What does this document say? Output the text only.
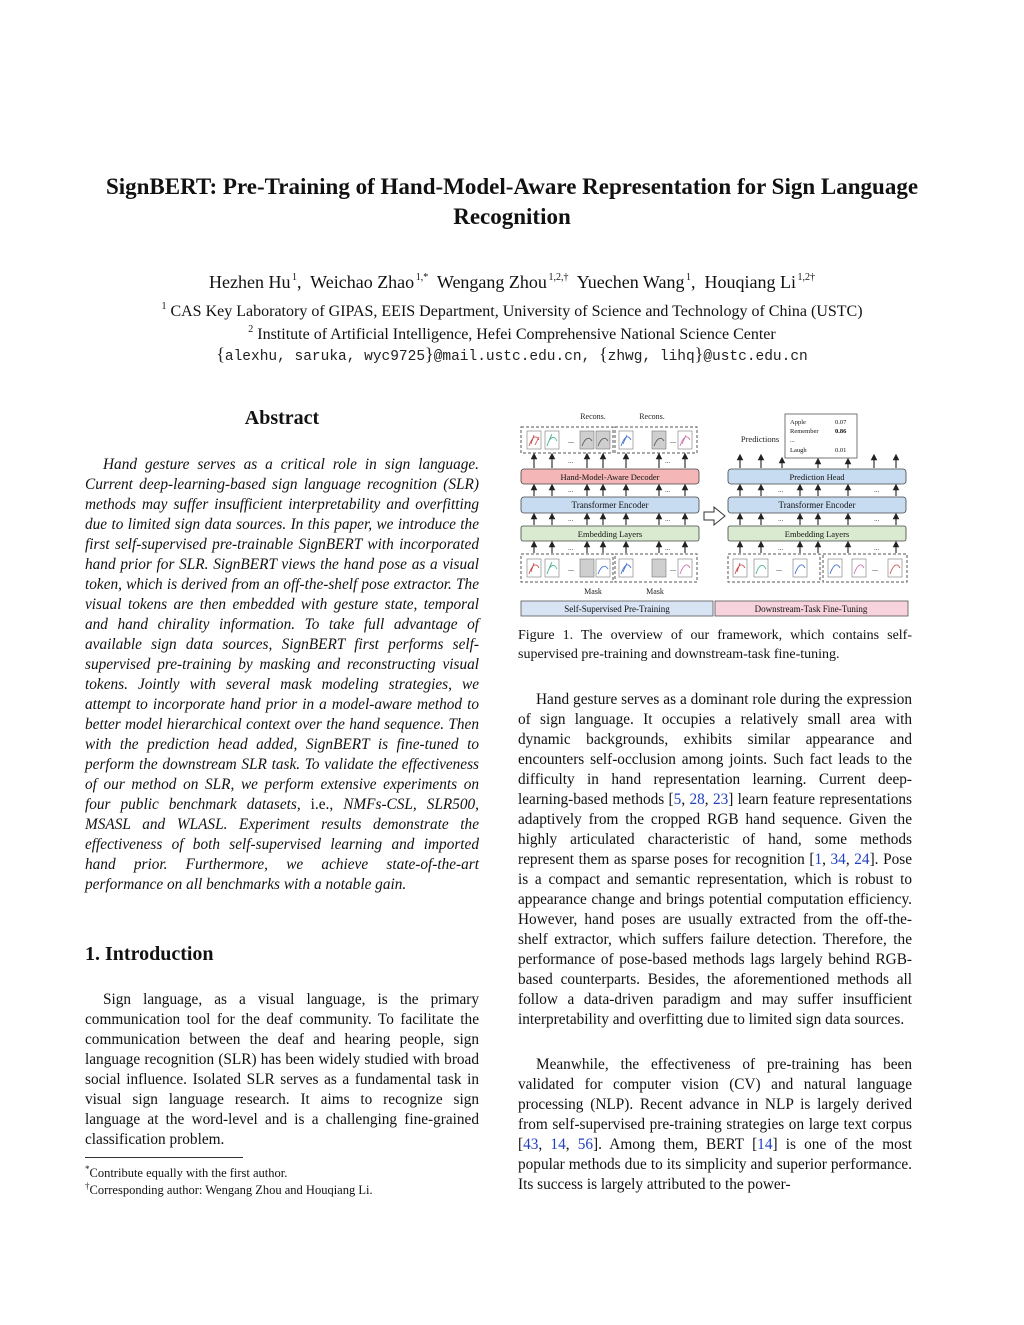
SignBERT: Pre-Training of Hand-Model-Aware Representation for Sign Language Recognition
Hezhen Hu  $^1$,  Weichao Zhao  $^{1,*}$ Wengang Zhou  $^{1,2,\dagger}$ Yuechen Wang  $^1$,  Houqiang Li  $^{1,2\dagger}$
$^1$ CAS Key Laboratory of GIPAS, EEIS Department, University of Science and Technology of China (USTC)
$^2$ Institute of Artificial Intelligence, Hefei Comprehensive National Science Center
{alexhu, saruka, wyc9725}@mail.ustc.edu.cn, {zhwg, lihq}@ustc.edu.cn
Abstract

Hand gesture serves as a critical role in sign language. Current deep-learning-based sign language recognition (SLR) methods may suffer insufficient interpretability and overfitting due to limited sign data sources. In this paper, we introduce the first self-supervised pre-trainable SignBERT with incorporated hand prior for SLR. SignBERT views the hand pose as a visual token, which is derived from an off-the-shelf pose extractor. The visual tokens are then embedded with gesture state, temporal and hand chirality information. To take full advantage of available sign data sources, SignBERT first performs self-supervised pre-training by masking and reconstructing visual tokens. Jointly with several mask modeling strategies, we attempt to incorporate hand prior in a model-aware method to better model hierarchical context over the hand sequence. Then with the prediction head added, SignBERT is fine-tuned to perform the downstream SLR task. To validate the effectiveness of our method on SLR, we perform extensive experiments on four public benchmark datasets, i.e., NMFs-CSL, SLR500, MSASL and WLASL. Experiment results demonstrate the effectiveness of both self-supervised learning and imported hand prior. Furthermore, we achieve state-of-the-art performance on all benchmarks with a notable gain.

1. Introduction

Sign language, as a visual language, is the primary communication tool for the deaf community. To facilitate the communication between the deaf and hearing people, sign language recognition (SLR) has been widely studied with broad social influence. Isolated SLR serves as a fundamental task in visual sign language research. It aims to recognize sign language at the word-level and is a challenging fine-grained classification problem.

*Contribute equally with the first author.
†Corresponding author: Wengang Zhou and Houqiang Li.
Recons.	Recons.
...	...
...	...
Hand-Model-Aware Decoder
...	...
Transformer Encoder
...	...
Embedding Layers
...	...
...	...
Mask	Mask
Predictions
Apple	0.07
Remember	0.86
...
Laugh	0.01
Prediction Head
...	...
Transformer Encoder
...	...
Embedding Layers
...	...
...	...
Self-Supervised Pre-Training	Downstream-Task Fine-Tuning

Figure 1. The overview of our framework, which contains self-supervised pre-training and downstream-task fine-tuning.

Hand gesture serves as a dominant role during the expression of sign language. It occupies a relatively small area with dynamic backgrounds, exhibits similar appearance and encounters self-occlusion among joints. Such fact leads to the difficulty in hand representation learning. Current deep-learning-based methods [5, 28, 23] learn feature representations adaptively from the cropped RGB hand sequence. Given the highly articulated characteristic of hand, some methods represent them as sparse poses for recognition [1, 34, 24]. Pose is a compact and semantic representation, which is robust to appearance change and brings potential computation efficiency. However, hand poses are usually extracted from the off-the-shelf extractor, which suffers failure detection. Therefore, the performance of pose-based methods lags largely behind RGB-based counterparts. Besides, the aforementioned methods all follow a data-driven paradigm and may suffer insufficient interpretability and overfitting due to limited sign data sources.

Meanwhile, the effectiveness of pre-training has been validated for computer vision (CV) and natural language processing (NLP). Recent advance in NLP is largely derived from self-supervised pre-training strategies on large text corpus [43, 14, 56]. Among them, BERT [14] is one of the most popular methods due to its simplicity and superior performance. Its success is largely attributed to the power-
